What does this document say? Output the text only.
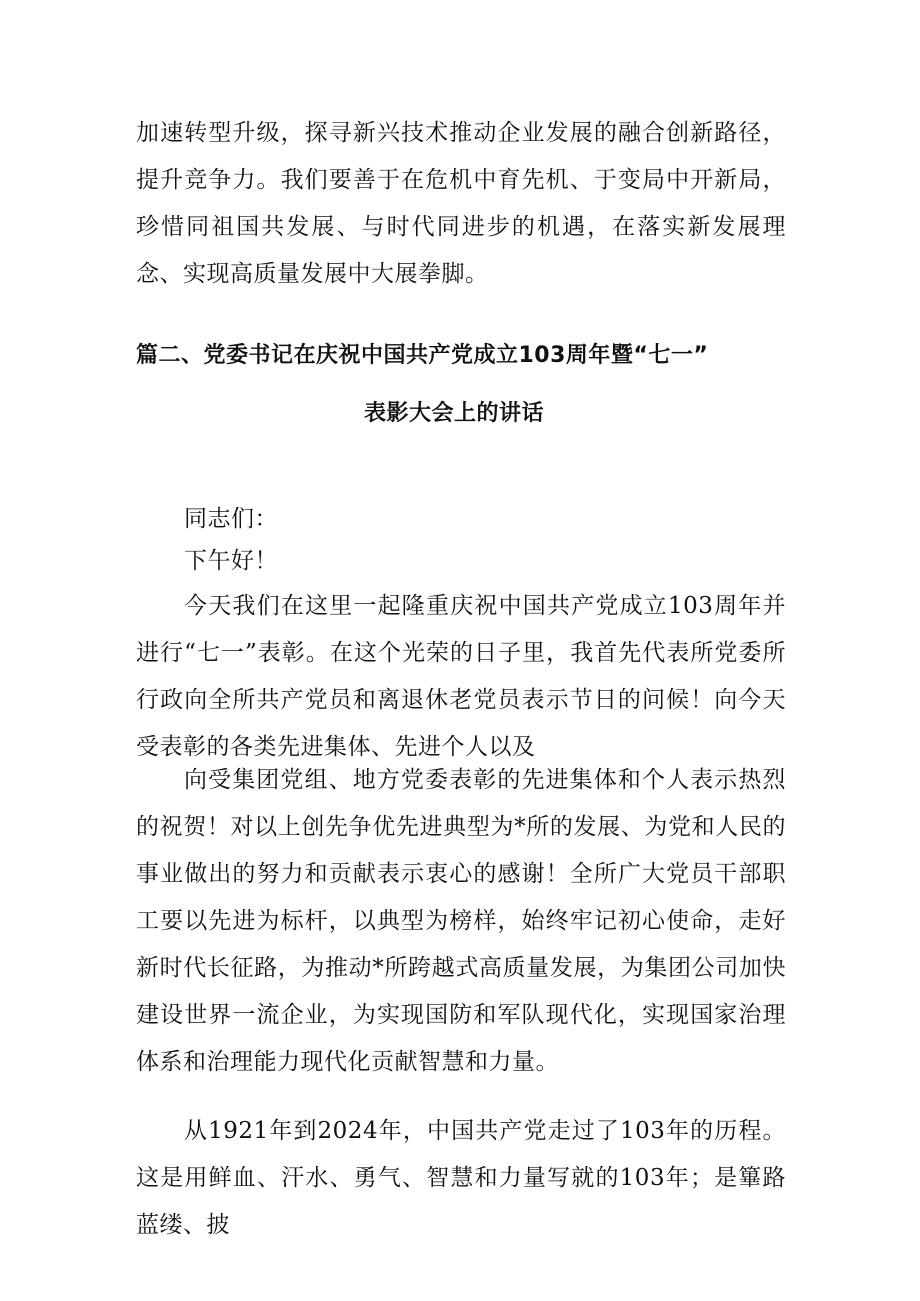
加速转型升级，探寻新兴技术推动企业发展的融合创新路径，提升竞争力。我们要善于在危机中育先机、于变局中开新局，珍惜同祖国共发展、与时代同进步的机遇，在落实新发展理念、实现高质量发展中大展拳脚。

篇二、党委书记在庆祝中国共产党成立103周年暨“七一”

表影大会上的讲话

同志们：

下午好！

今天我们在这里一起隆重庆祝中国共产党成立103周年并进行“七一”表彰。在这个光荣的日子里，我首先代表所党委所行政向全所共产党员和离退休老党员表示节日的问候！向今天受表彰的各类先进集体、先进个人以及

向受集团党组、地方党委表彰的先进集体和个人表示热烈的祝贺！对以上创先争优先进典型为*所的发展、为党和人民的事业做出的努力和贡献表示衷心的感谢！全所广大党员干部职工要以先进为标杆，以典型为榜样，始终牢记初心使命，走好新时代长征路，为推动*所跨越式高质量发展，为集团公司加快建设世界一流企业，为实现国防和军队现代化，实现国家治理体系和治理能力现代化贡献智慧和力量。

从1921年到2024年，中国共产党走过了103年的历程。这是用鲜血、汗水、勇气、智慧和力量写就的103年；是篳路蓝缕、披
